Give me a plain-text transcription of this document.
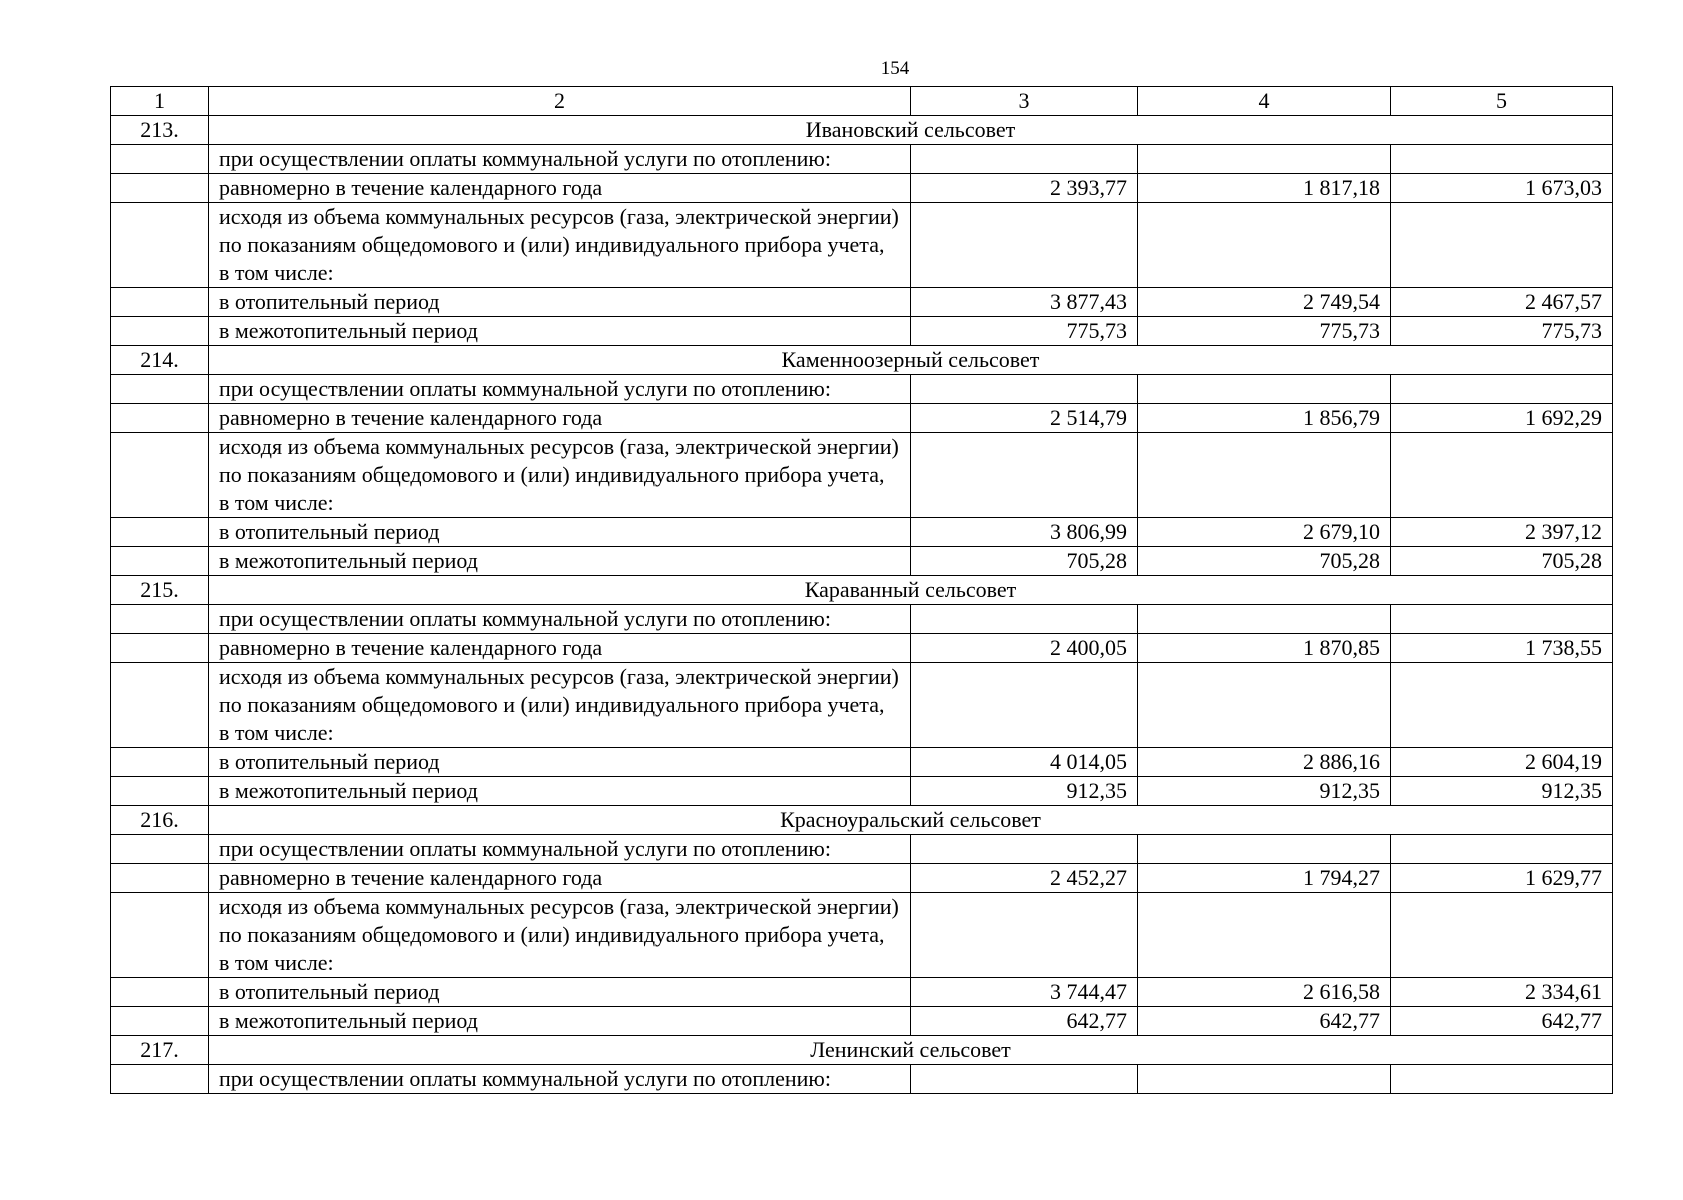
154
1	2	3	4	5
213.	Ивановский сельсовет			
	при осуществлении оплаты коммунальной услуги по отоплению:			
	равномерно в течение календарного года	2 393,77	1 817,18	1 673,03
	исходя из объема коммунальных ресурсов (газа, электрической энергии) по показаниям общедомового и (или) индивидуального прибора учета, в том числе:			
	в отопительный период	3 877,43	2 749,54	2 467,57
	в межотопительный период	775,73	775,73	775,73
214.	Каменноозерный сельсовет			
	при осуществлении оплаты коммунальной услуги по отоплению:			
	равномерно в течение календарного года	2 514,79	1 856,79	1 692,29
	исходя из объема коммунальных ресурсов (газа, электрической энергии) по показаниям общедомового и (или) индивидуального прибора учета, в том числе:			
	в отопительный период	3 806,99	2 679,10	2 397,12
	в межотопительный период	705,28	705,28	705,28
215.	Караванный сельсовет			
	при осуществлении оплаты коммунальной услуги по отоплению:			
	равномерно в течение календарного года	2 400,05	1 870,85	1 738,55
	исходя из объема коммунальных ресурсов (газа, электрической энергии) по показаниям общедомового и (или) индивидуального прибора учета, в том числе:			
	в отопительный период	4 014,05	2 886,16	2 604,19
	в межотопительный период	912,35	912,35	912,35
216.	Красноуральский сельсовет			
	при осуществлении оплаты коммунальной услуги по отоплению:			
	равномерно в течение календарного года	2 452,27	1 794,27	1 629,77
	исходя из объема коммунальных ресурсов (газа, электрической энергии) по показаниям общедомового и (или) индивидуального прибора учета, в том числе:			
	в отопительный период	3 744,47	2 616,58	2 334,61
	в межотопительный период	642,77	642,77	642,77
217.	Ленинский сельсовет			
	при осуществлении оплаты коммунальной услуги по отоплению:			
